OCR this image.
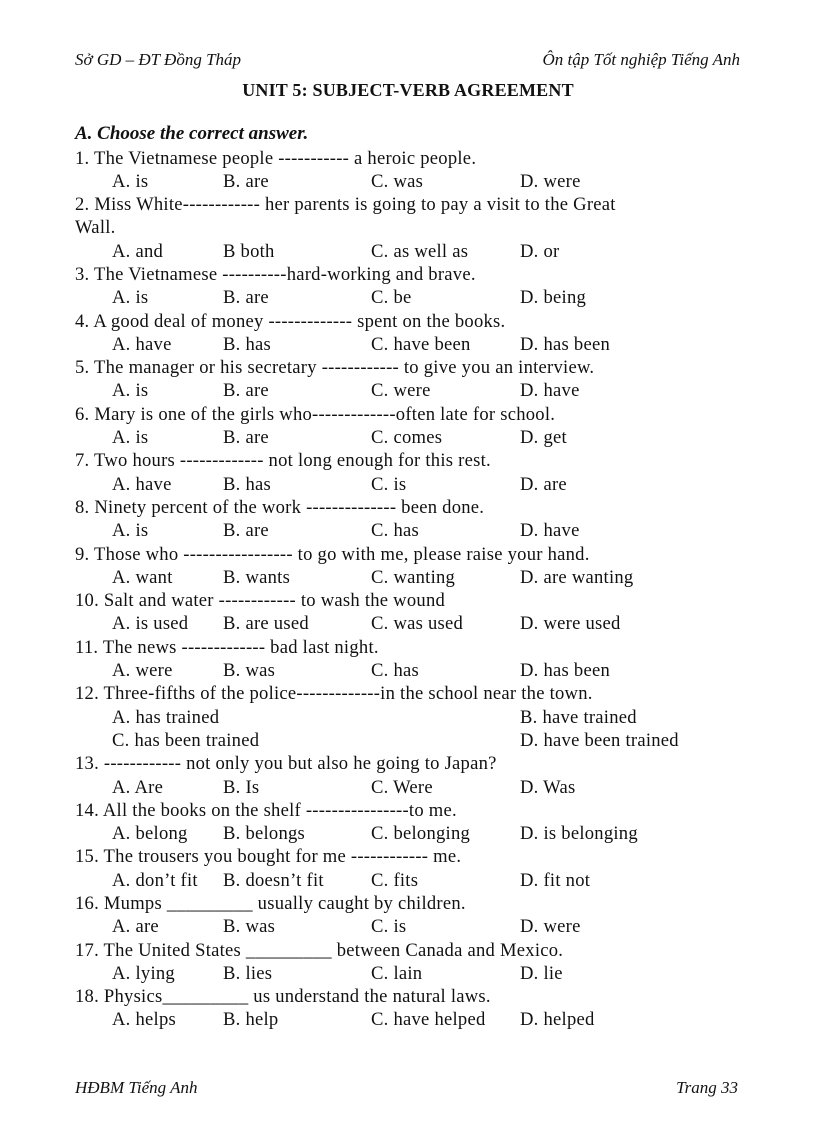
Sở GD – ĐT Đồng Tháp	Ôn tập Tốt nghiệp Tiếng Anh
UNIT 5: SUBJECT-VERB AGREEMENT
A. Choose the correct answer.
1. The Vietnamese people ----------- a heroic people.
A. is	B. are	C. was	D. were
2. Miss White------------ her parents is going to pay a visit to the Great
Wall.
A. and	B both	C. as well as	D. or
3. The Vietnamese ----------hard-working and brave.
A. is	B. are	C. be	D. being
4. A good deal of money ------------- spent on the books.
A. have	B. has	C. have been	D. has been
5. The manager or his secretary ------------ to give you an interview.
A. is	B. are	C. were	D. have
6. Mary is one of the girls who-------------often late for school.
A. is	B. are	C. comes	D. get
7. Two hours ------------- not long enough for this rest.
A. have	B. has	C. is	D. are
8. Ninety percent of the work -------------- been done.
A. is	B. are	C. has	D. have
9. Those who ----------------- to go with me, please raise your hand.
A. want	B. wants	C. wanting	D. are wanting
10. Salt and water ------------ to wash the wound
A. is used B. are used	C. was used	D. were used
11. The news ------------- bad last night.
A. were	B. was	C. has	D. has been
12. Three-fifths of the police-------------in the school near the town.
A. has trained	B. have trained
C. has been trained	D. have been trained
13. ------------ not only you but also he going to Japan?
A. Are	B. Is	C. Were	D. Was
14. All the books on the shelf ----------------to me.
A. belong B. belongs	C. belonging	D. is belonging
15. The trousers you bought for me ------------ me.
A. don’t fit B. doesn’t fit	C. fits	D. fit not
16. Mumps _________ usually caught by children.
A. are	B. was	C. is	D. were
17. The United States _________ between Canada and Mexico.
A. lying	B. lies	C. lain	D. lie
18. Physics_________ us understand the natural laws.
A. helps	B. help	C. have helped D. helped
HĐBM Tiếng Anh	Trang 33
